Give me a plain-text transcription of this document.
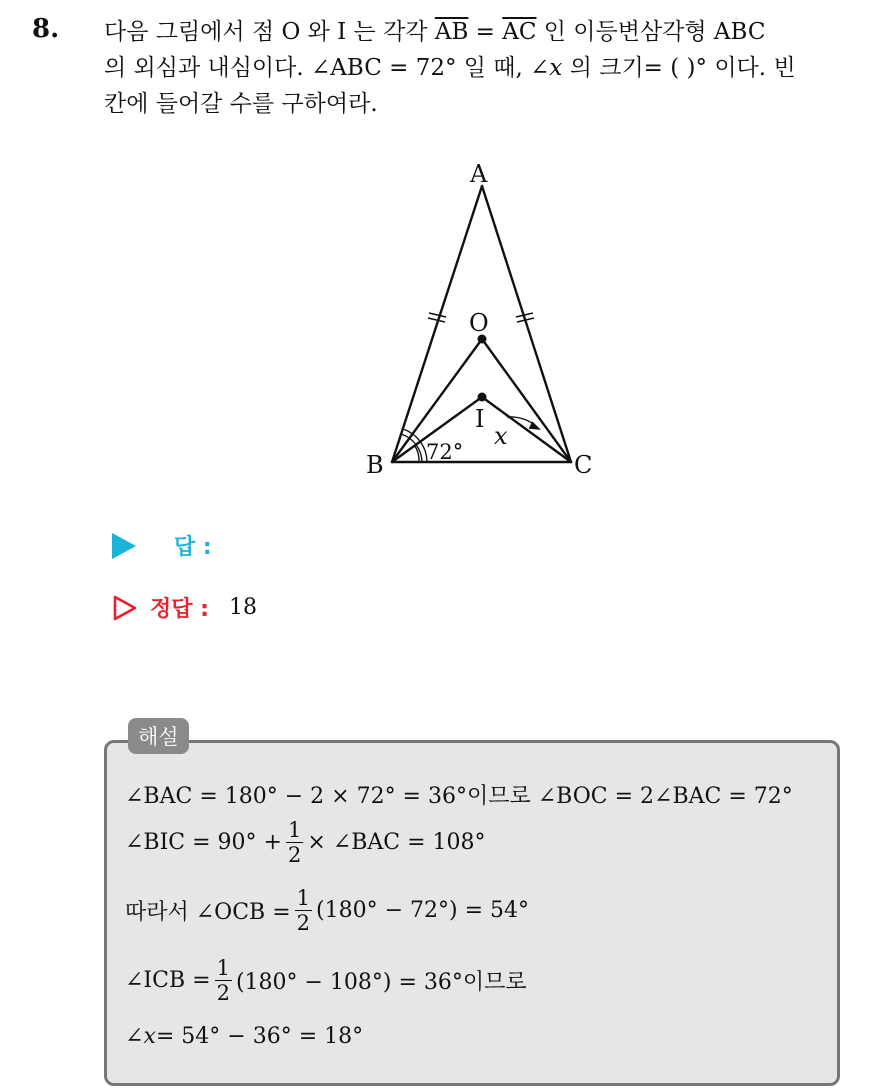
8. 다음 그림에서 점 O 와 I 는 각각 $\overline{AB} = \overline{AC}$ 인 이등변삼각형 ABC
의 외심과 내심이다. ∠ABC = 72° 일 때, ∠x 의 크기= ( )° 이다. 빈
칸에 들어갈 수를 구하여라.
A
O
I
B	C
72°
x
답 :
정답 : 18
해설
∠BAC = 180° − 2 × 72° = 36°이므로 ∠BOC = 2∠BAC = 72°
∠BIC = $90^\circ + \frac{1}{2}$ × ∠BAC = 108°
따라서 ∠OCB = $\frac{1}{2} (180^\circ - 72^\circ) = 54^\circ$
∠ICB = $\frac{1}{2} (180^\circ - 108^\circ) = 36^\circ$이므로
∠ x = 54° − 36° = 18°
